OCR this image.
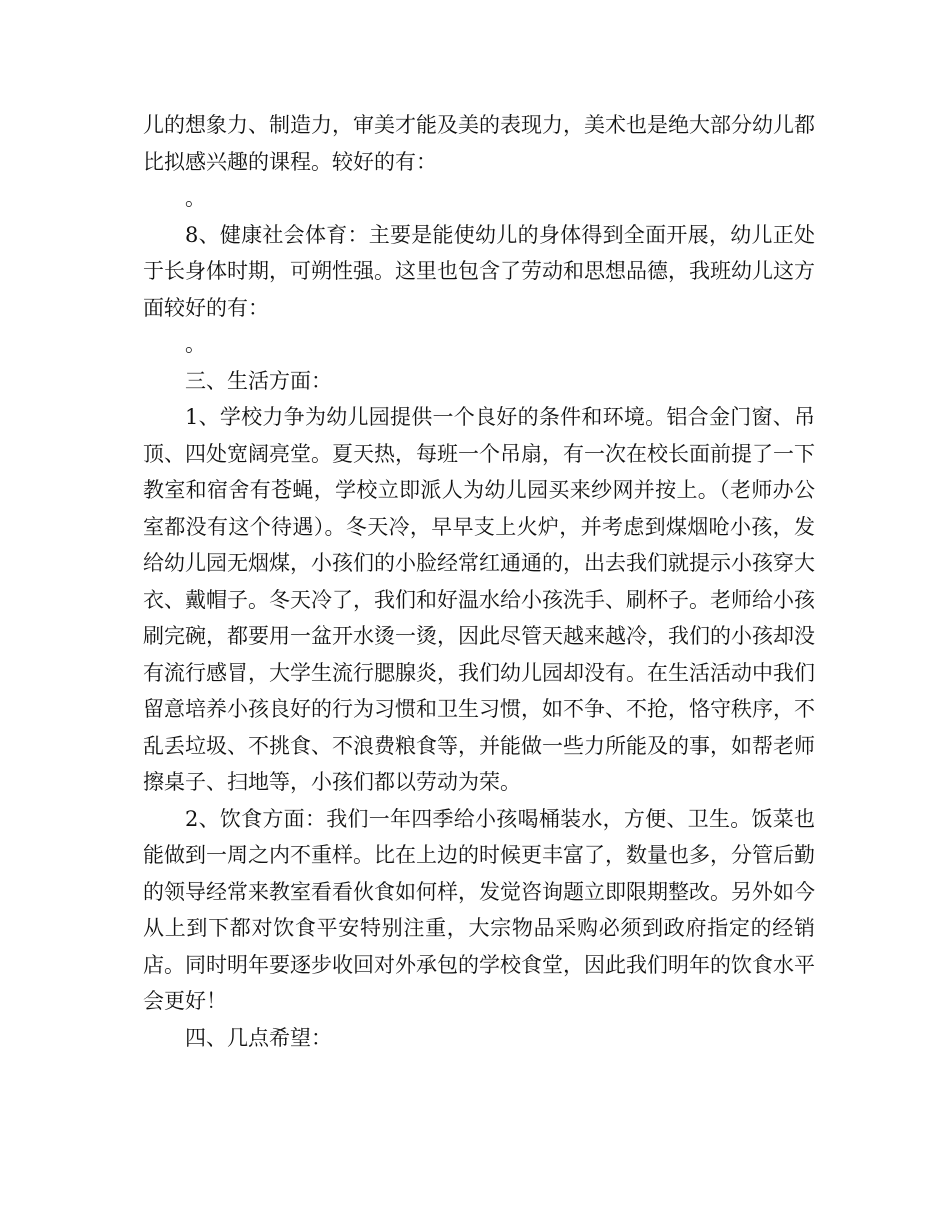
儿的想象力、制造力，审美才能及美的表现力，美术也是绝大部分幼儿都比拟感兴趣的课程。较好的有：

。

8、健康社会体育：主要是能使幼儿的身体得到全面开展，幼儿正处于长身体时期，可朔性强。这里也包含了劳动和思想品德，我班幼儿这方面较好的有：

。

三、生活方面：

1、学校力争为幼儿园提供一个良好的条件和环境。铝合金门窗、吊顶、四处宽阔亮堂。夏天热，每班一个吊扇，有一次在校长面前提了一下教室和宿舍有苍蝇，学校立即派人为幼儿园买来纱网并按上。（老师办公室都没有这个待遇）。冬天冷，早早支上火炉，并考虑到煤烟呛小孩，发给幼儿园无烟煤，小孩们的小脸经常红通通的，出去我们就提示小孩穿大衣、戴帽子。冬天冷了，我们和好温水给小孩洗手、刷杯子。老师给小孩刷完碗，都要用一盆开水烫一烫，因此尽管天越来越冷，我们的小孩却没有流行感冒，大学生流行腮腺炎，我们幼儿园却没有。在生活活动中我们留意培养小孩良好的行为习惯和卫生习惯，如不争、不抢，恪守秩序，不乱丢垃圾、不挑食、不浪费粮食等，并能做一些力所能及的事，如帮老师擦桌子、扫地等，小孩们都以劳动为荣。

2、饮食方面：我们一年四季给小孩喝桶装水，方便、卫生。饭菜也能做到一周之内不重样。比在上边的时候更丰富了，数量也多，分管后勤的领导经常来教室看看伙食如何样，发觉咨询题立即限期整改。另外如今从上到下都对饮食平安特别注重，大宗物品采购必须到政府指定的经销店。同时明年要逐步收回对外承包的学校食堂，因此我们明年的饮食水平会更好！

四、几点希望：
